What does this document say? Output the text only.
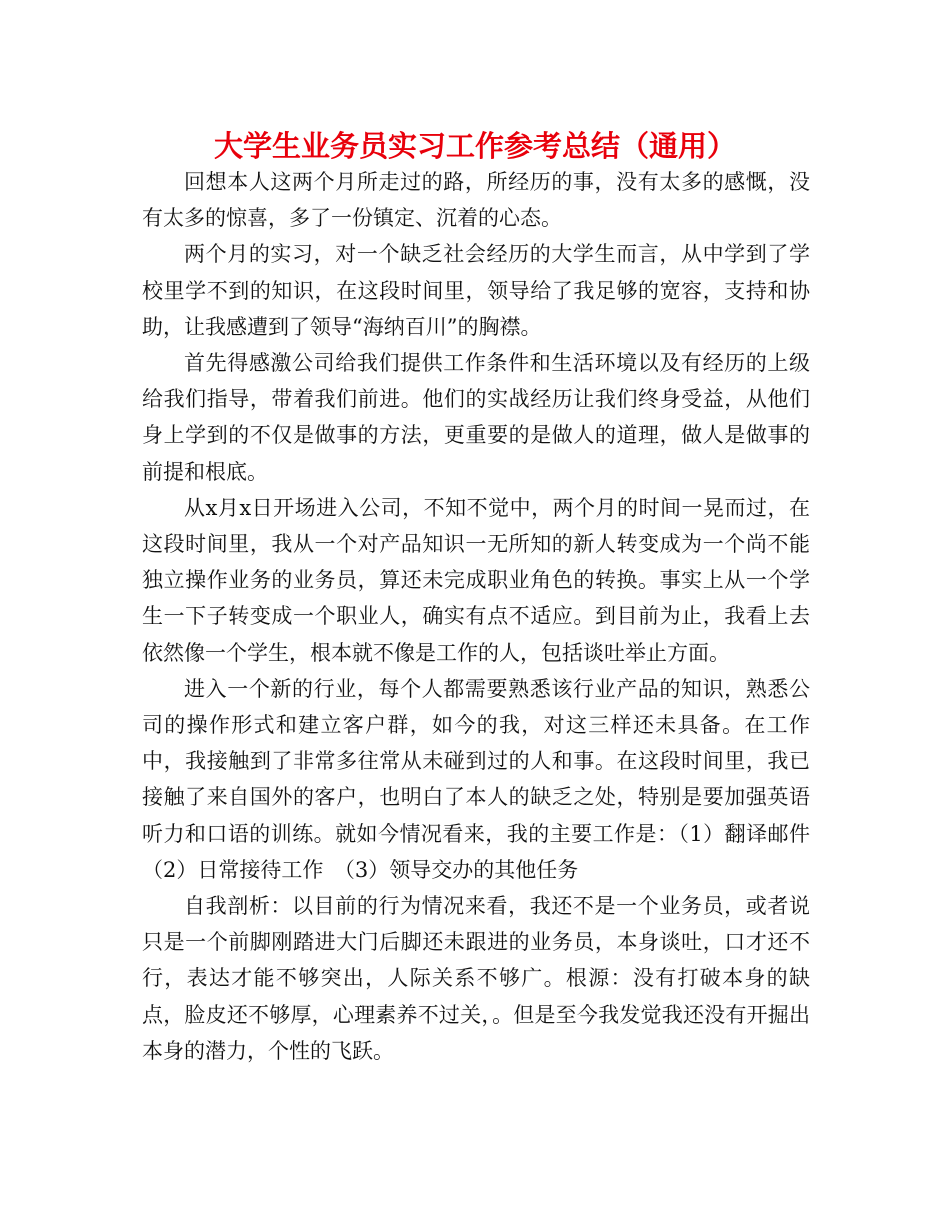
大学生业务员实习工作参考总结（通用）

回想本人这两个月所走过的路，所经历的事，没有太多的感慨，没有太多的惊喜，多了一份镇定、沉着的心态。

两个月的实习，对一个缺乏社会经历的大学生而言，从中学到了学校里学不到的知识，在这段时间里，领导给了我足够的宽容，支持和协助，让我感遭到了领导“海纳百川”的胸襟。

首先得感激公司给我们提供工作条件和生活环境以及有经历的上级给我们指导，带着我们前进。他们的实战经历让我们终身受益，从他们身上学到的不仅是做事的方法，更重要的是做人的道理，做人是做事的前提和根底。

从x月x日开场进入公司，不知不觉中，两个月的时间一晃而过，在这段时间里，我从一个对产品知识一无所知的新人转变成为一个尚不能独立操作业务的业务员，算还未完成职业角色的转换。事实上从一个学生一下子转变成一个职业人，确实有点不适应。到目前为止，我看上去依然像一个学生，根本就不像是工作的人，包括谈吐举止方面。

进入一个新的行业，每个人都需要熟悉该行业产品的知识，熟悉公司的操作形式和建立客户群，如今的我，对这三样还未具备。在工作中，我接触到了非常多往常从未碰到过的人和事。在这段时间里，我已接触了来自国外的客户，也明白了本人的缺乏之处，特别是要加强英语听力和口语的训练。就如今情况看来，我的主要工作是：（1）翻译邮件（2）日常接待工作　（3）领导交办的其他任务

自我剖析：以目前的行为情况来看，我还不是一个业务员，或者说只是一个前脚刚踏进大门后脚还未跟进的业务员，本身谈吐，口才还不行，表达才能不够突出，人际关系不够广。根源：没有打破本身的缺点，脸皮还不够厚，心理素养不过关，。但是至今我发觉我还没有开掘出本身的潜力，个性的飞跃。
